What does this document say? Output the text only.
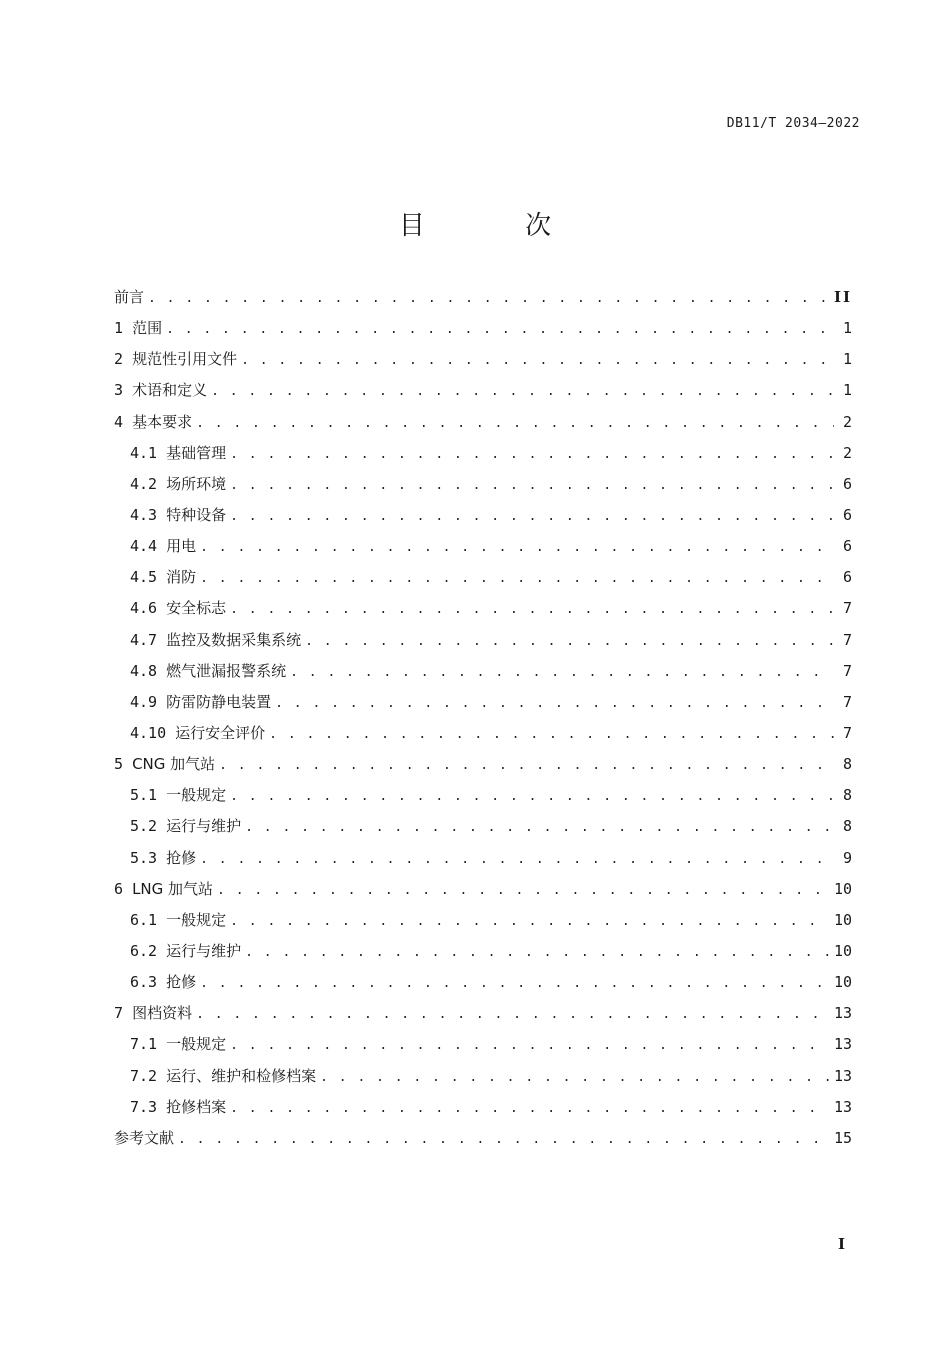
DB11/T 2034—2022
目 次
前言 . . .	II
1 范围 . . .	1
2 规范性引用文件 . . .	1
3 术语和定义 . . .	1
4 基本要求 . . .	2
4.1 基础管理 . . .	2
4.2 场所环境 . . .	6
4.3 特种设备 . . .	6
4.4 用电 . . .	6
4.5 消防 . . .	6
4.6 安全标志 . . .	7
4.7 监控及数据采集系统 . . .	7
4.8 燃气泄漏报警系统 . . .	7
4.9 防雷防静电装置 . . .	7
4.10 运行安全评价 . . .	7
5 CNG 加气站 . . .	8
5.1 一般规定 . . .	8
5.2 运行与维护 . . .	8
5.3 抢修 . . .	9
6 LNG 加气站 . . .	10
6.1 一般规定 . . .	10
6.2 运行与维护 . . .	10
6.3 抢修 . . .	10
7 图档资料 . . .	13
7.1 一般规定 . . .	13
7.2 运行、维护和检修档案 . . .	13
7.3 抢修档案 . . .	13
参考文献 . . .	15
I
